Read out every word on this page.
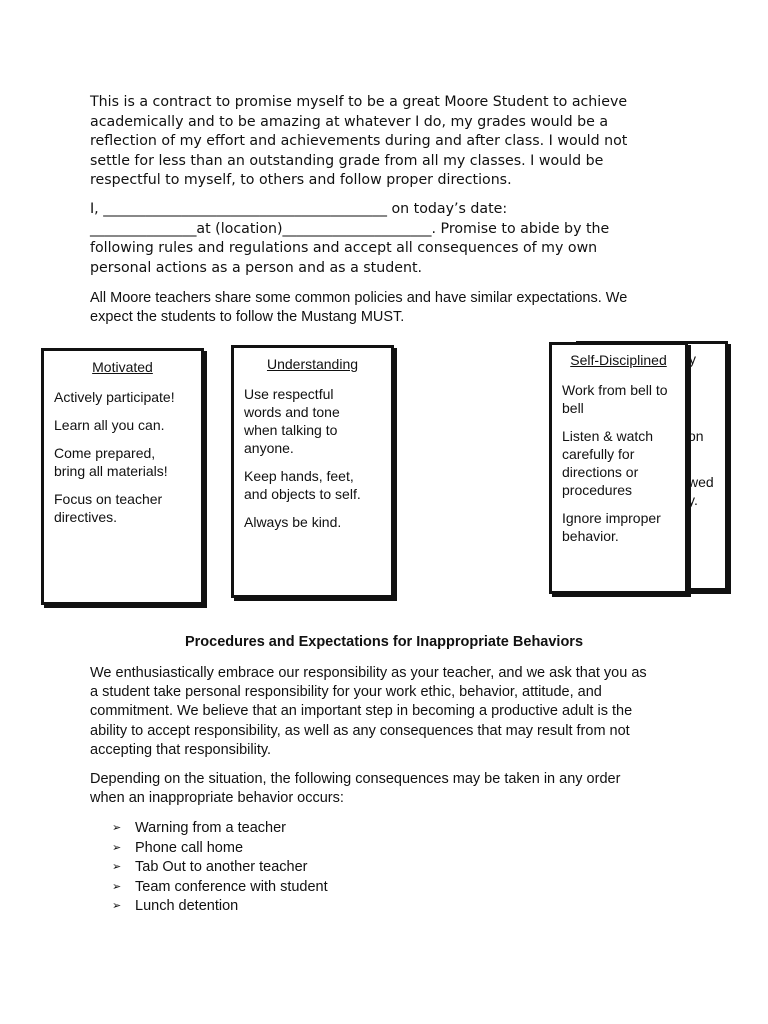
This is a contract to promise myself to be a great Moore Student to achieve
academically and to be amazing at whatever I do, my grades would be a
reflection of my effort and achievements during and after class. I would not
settle for less than an outstanding grade from all my classes. I would be
respectful to myself, to others and follow proper directions.

I, ________________________________________ on today’s date:
_______________at (location)_____________________. Promise to abide by the
following rules and regulations and accept all consequences of my own
personal actions as a person and as a student.

All Moore teachers share some common policies and have similar expectations. We
expect the students to follow the Mustang MUST.

y
on
wed
y.

Motivated

Actively participate!

Learn all you can.

Come prepared,
bring all materials!

Focus on teacher
directives.

Understanding

Use respectful
words and tone
when talking to
anyone.

Keep hands, feet,
and objects to self.

Always be kind.

Self-Disciplined

Work from bell to
bell

Listen & watch
carefully for
directions or
procedures

Ignore improper
behavior.

Procedures and Expectations for Inappropriate Behaviors

We enthusiastically embrace our responsibility as your teacher, and we ask that you as
a student take personal responsibility for your work ethic, behavior, attitude, and
commitment. We believe that an important step in becoming a productive adult is the
ability to accept responsibility, as well as any consequences that may result from not
accepting that responsibility.

Depending on the situation, the following consequences may be taken in any order
when an inappropriate behavior occurs:

➢ Warning from a teacher
➢ Phone call home
➢ Tab Out to another teacher
➢ Team conference with student
➢ Lunch detention
